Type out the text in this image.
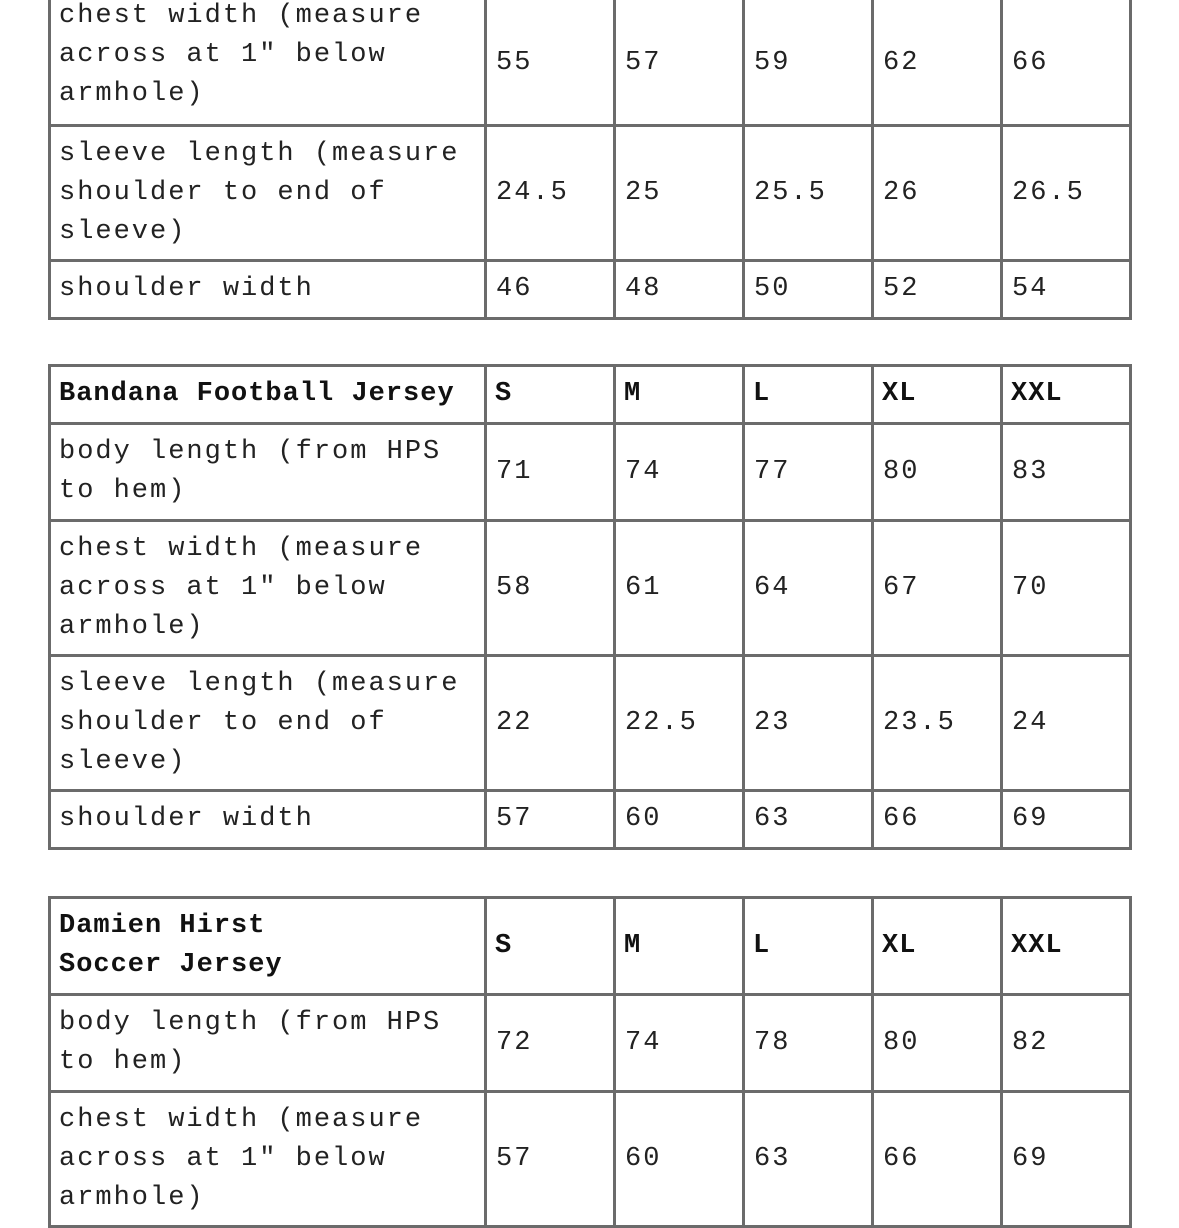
chest width (measure across at 1" below armhole)	55	57	59	62	66
sleeve length (measure shoulder to end of sleeve)	24.5	25	25.5	26	26.5
shoulder width	46	48	50	52	54
Bandana Football Jersey	S	M	L	XL	XXL
body length (from HPS to hem)	71	74	77	80	83
chest width (measure across at 1" below armhole)	58	61	64	67	70
sleeve length (measure shoulder to end of sleeve)	22	22.5	23	23.5	24
shoulder width	57	60	63	66	69
Damien Hirst Soccer Jersey	S	M	L	XL	XXL
body length (from HPS to hem)	72	74	78	80	82
chest width (measure across at 1" below armhole)	57	60	63	66	69
